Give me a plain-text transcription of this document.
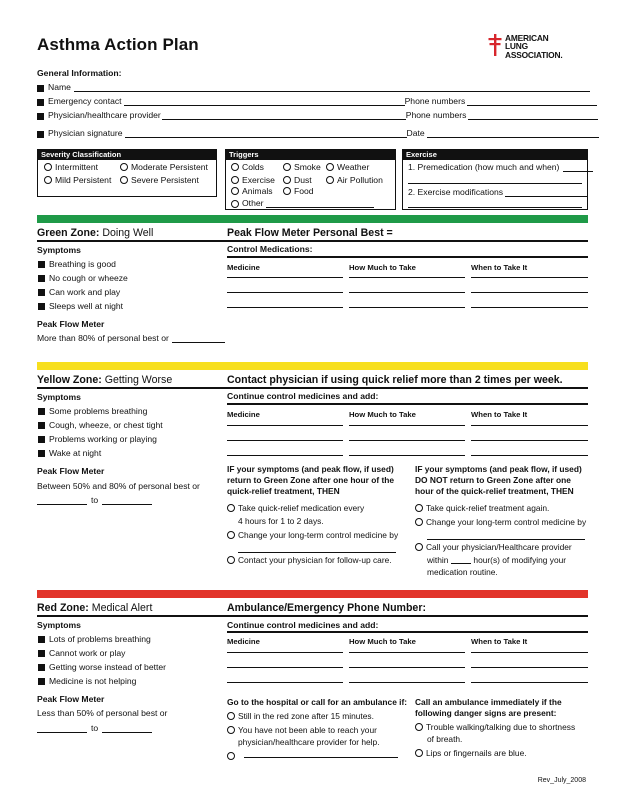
Asthma Action Plan	AMERICAN
LUNG
ASSOCIATION.
General Information:
Name
Emergency contact	Phone numbers
Physician/healthcare provider	Phone numbers
Physician signature	Date
Severity Classification
Intermittent	Moderate Persistent
Mild Persistent	Severe Persistent
Triggers
Colds	Smoke	Weather
Exercise	Dust	Air Pollution
Animals	Food
Other
Exercise
1. Premedication (how much and when)
2. Exercise modifications
Green Zone: Doing Well	Peak Flow Meter Personal Best =
Symptoms
Breathing is good
No cough or wheeze
Can work and play
Sleeps well at night
Peak Flow Meter
More than 80% of personal best or
Control Medications:
Medicine	How Much to Take	When to Take It
Yellow Zone: Getting Worse	Contact physician if using quick relief more than 2 times per week.
Symptoms
Some problems breathing
Cough, wheeze, or chest tight
Problems working or playing
Wake at night
Peak Flow Meter
Between 50% and 80% of personal best or
to
Continue control medicines and add:
Medicine	How Much to Take	When to Take It
IF your symptoms (and peak flow, if used)
return to Green Zone after one hour of the
quick-relief treatment, THEN
Take quick-relief medication every
4 hours for 1 to 2 days.
Change your long-term control medicine by
Contact your physician for follow-up care.
IF your symptoms (and peak flow, if used)
DO NOT return to Green Zone after one
hour of the quick-relief treatment, THEN
Take quick-relief treatment again.
Change your long-term control medicine by
Call your physician/Healthcare provider
within	hour(s) of modifying your
medication routine.
Red Zone: Medical Alert	Ambulance/Emergency Phone Number:
Symptoms
Lots of problems breathing
Cannot work or play
Getting worse instead of better
Medicine is not helping
Peak Flow Meter
Less than 50% of personal best or
to
Continue control medicines and add:
Medicine	How Much to Take	When to Take It
Go to the hospital or call for an ambulance if:
Still in the red zone after 15 minutes.
You have not been able to reach your
physician/healthcare provider for help.
Call an ambulance immediately if the
following danger signs are present:
Trouble walking/talking due to shortness
of breath.
Lips or fingernails are blue.
Rev_July_2008
